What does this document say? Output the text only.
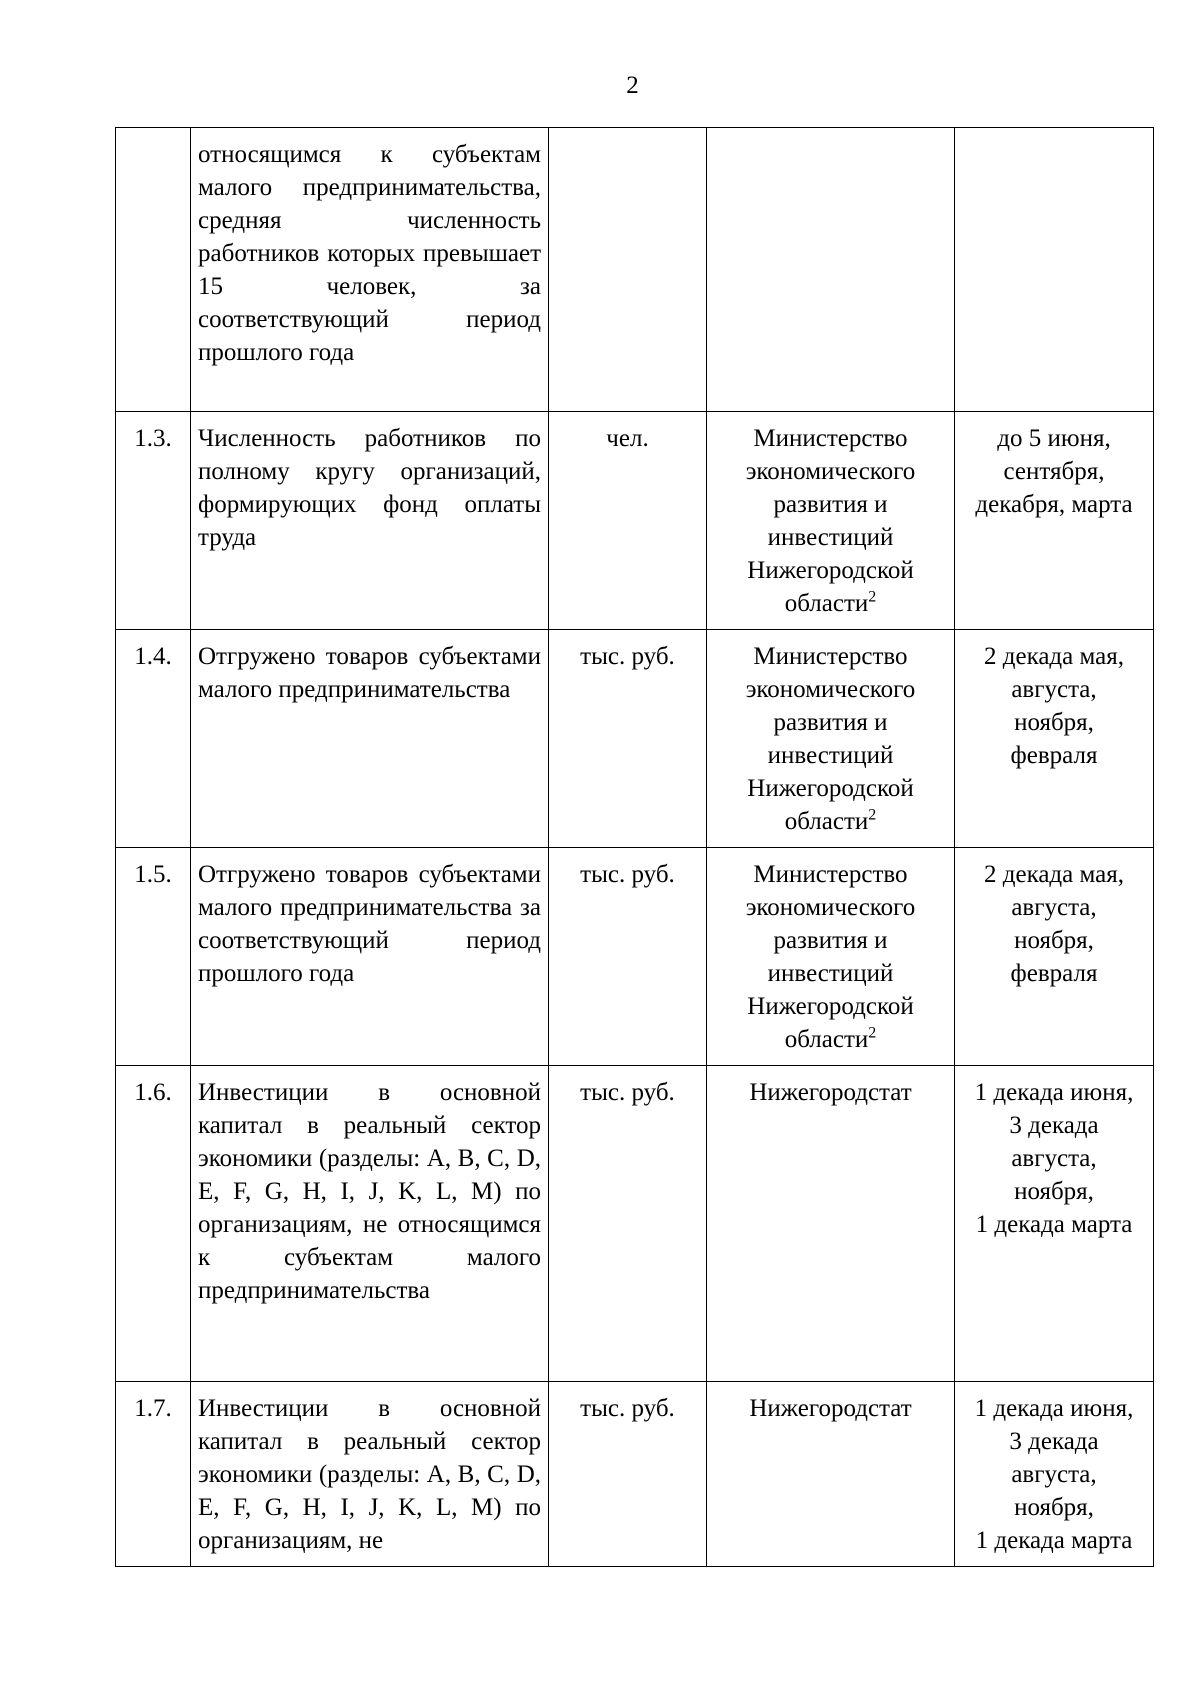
2
	относящимся к субъектам малого предпринимательства, средняя численность работников которых превышает 15 человек, за соответствующий период прошлого года			
1.3.	Численность работников по полному кругу организаций, формирующих фонд оплаты труда	чел.	Министерство экономического развития и инвестиций Нижегородской области$^2$	до 5 июня,
сентября,
декабря, марта
1.4.	Отгружено товаров субъектами малого предпринимательства	тыс. руб.	Министерство экономического развития и инвестиций Нижегородской области$^2$	2 декада мая,
августа,
ноября,
февраля
1.5.	Отгружено товаров субъектами малого предпринимательства за соответствующий период прошлого года	тыс. руб.	Министерство экономического развития и инвестиций Нижегородской области$^2$	2 декада мая,
августа,
ноября,
февраля
1.6.	Инвестиции в основной капитал в реальный сектор экономики (разделы: A, B, C, D, E, F, G, H, I, J, K, L, M) по организациям, не относящимся к субъектам малого предпринимательства	тыс. руб.	Нижегородстат	1 декада июня,
3 декада
августа,
ноября,
1 декада марта
1.7.	Инвестиции в основной капитал в реальный сектор экономики (разделы: A, B, C, D, E, F, G, H, I, J, K, L, M) по организациям, не	тыс. руб.	Нижегородстат	1 декада июня,
3 декада
августа,
ноября,
1 декада марта
